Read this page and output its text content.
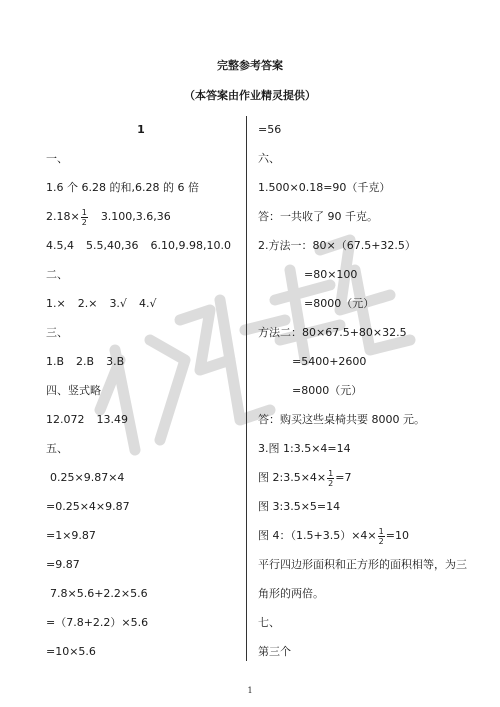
完整参考答案
（本答案由作业精灵提供）
1
一、
1.6 个 6.28 的和,6.28 的 6 倍
$2.18\times \frac{1}{2} 3.100,3.6,36$
4.5,4 5.5,40,36 6.10,9.98,10.0
二、
1.× 2.× 3.√ 4.√
三、
1.B 2.B 3.B
四、竖式略
12.072 13.49
五、
0.25×9.87×4
=0.25×4×9.87
=1×9.87
=9.87
7.8×5.6+2.2×5.6
=（7.8+2.2）×5.6
=10×5.6
=56
六、
1.500×0.18=90（千克）
答：一共收了 90 千克。
2.方法一：80×（67.5+32.5）
=80×100
=8000（元）
方法二：80×67.5+80×32.5
=5400+2600
=8000（元）
答：购买这些桌椅共要 8000 元。
3.图 1:3.5×4=14
图 2:3.5×4× $\frac{1}{2} =7$
图 3:3.5×5=14
图 4：$(1.5+3.5)\times 4\times \frac{1}{2} =10$
平行四边形面积和正方形的面积相等，为三
角形的两倍。
七、
第三个
1
